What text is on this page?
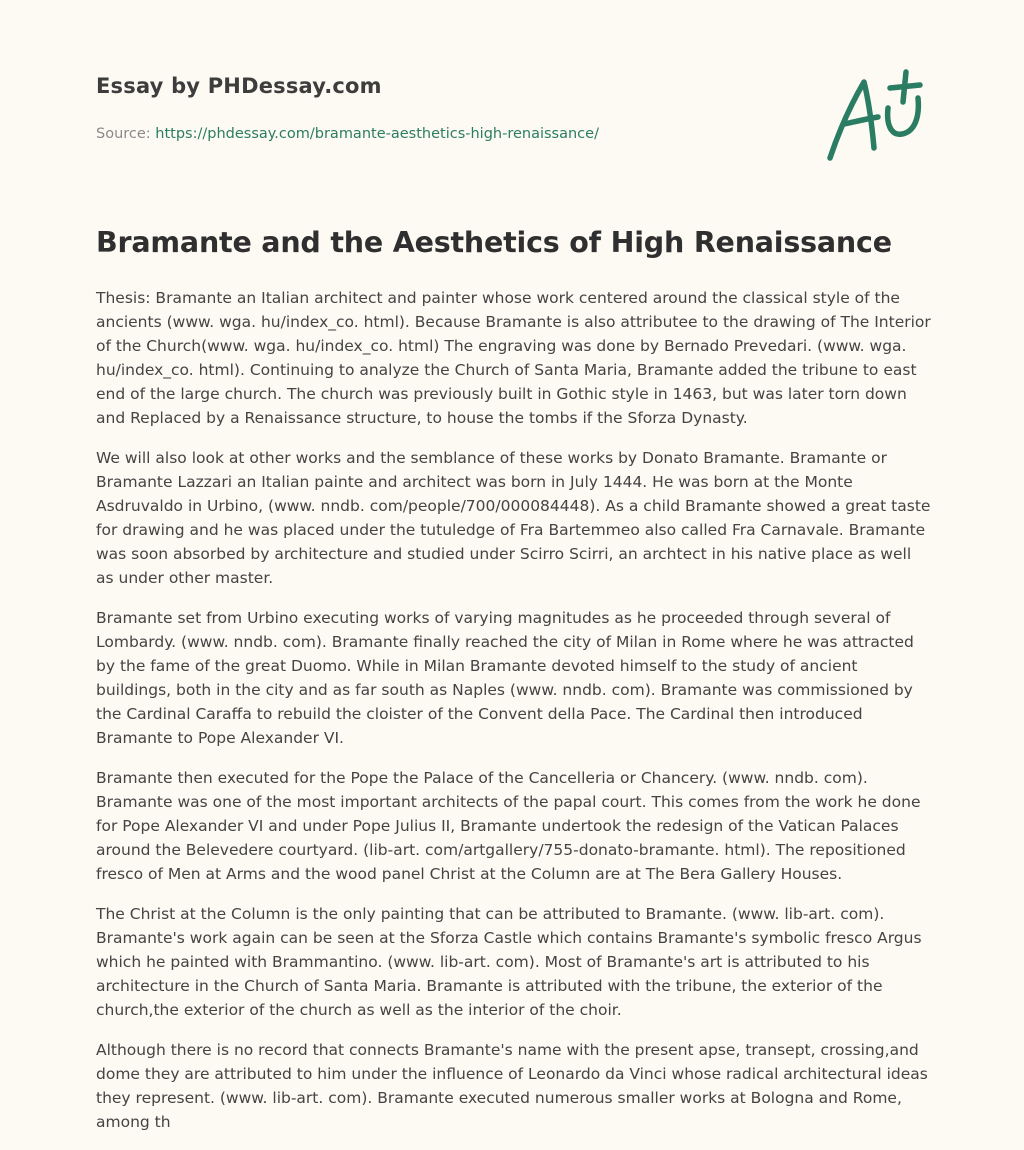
Essay by PHDessay.com
Source: https://phdessay.com/bramante-aesthetics-high-renaissance/
Bramante and the Aesthetics of High Renaissance

Thesis: Bramante an Italian architect and painter whose work centered around the classical style of the ancients (www. wga. hu/index_co. html). Because Bramante is also attributee to the drawing of The Interior of the Church(www. wga. hu/index_co. html) The engraving was done by Bernado Prevedari. (www. wga. hu/index_co. html). Continuing to analyze the Church of Santa Maria, Bramante added the tribune to east end of the large church. The church was previously built in Gothic style in 1463, but was later torn down and Replaced by a Renaissance structure, to house the tombs if the Sforza Dynasty.

We will also look at other works and the semblance of these works by Donato Bramante. Bramante or Bramante Lazzari an Italian painte and architect was born in July 1444. He was born at the Monte Asdruvaldo in Urbino, (www. nndb. com/people/700/000084448). As a child Bramante showed a great taste for drawing and he was placed under the tutuledge of Fra Bartemmeo also called Fra Carnavale. Bramante was soon absorbed by architecture and studied under Scirro Scirri, an archtect in his native place as well as under other master.

Bramante set from Urbino executing works of varying magnitudes as he proceeded through several of Lombardy. (www. nndb. com). Bramante finally reached the city of Milan in Rome where he was attracted by the fame of the great Duomo. While in Milan Bramante devoted himself to the study of ancient buildings, both in the city and as far south as Naples (www. nndb. com). Bramante was commissioned by the Cardinal Caraffa to rebuild the cloister of the Convent della Pace. The Cardinal then introduced Bramante to Pope Alexander VI.

Bramante then executed for the Pope the Palace of the Cancelleria or Chancery. (www. nndb. com). Bramante was one of the most important architects of the papal court. This comes from the work he done for Pope Alexander VI and under Pope Julius II, Bramante undertook the redesign of the Vatican Palaces around the Belevedere courtyard. (lib-art. com/artgallery/755-donato-bramante. html). The repositioned fresco of Men at Arms and the wood panel Christ at the Column are at The Bera Gallery Houses.

The Christ at the Column is the only painting that can be attributed to Bramante. (www. lib-art. com). Bramante's work again can be seen at the Sforza Castle which contains Bramante's symbolic fresco Argus which he painted with Brammantino. (www. lib-art. com). Most of Bramante's art is attributed to his architecture in the Church of Santa Maria. Bramante is attributed with the tribune, the exterior of the church,the exterior of the church as well as the interior of the choir.

Although there is no record that connects Bramante's name with the present apse, transept, crossing,and dome they are attributed to him under the influence of Leonardo da Vinci whose radical architectural ideas they represent. (www. lib-art. com). Bramante executed numerous smaller works at Bologna and Rome, among th
